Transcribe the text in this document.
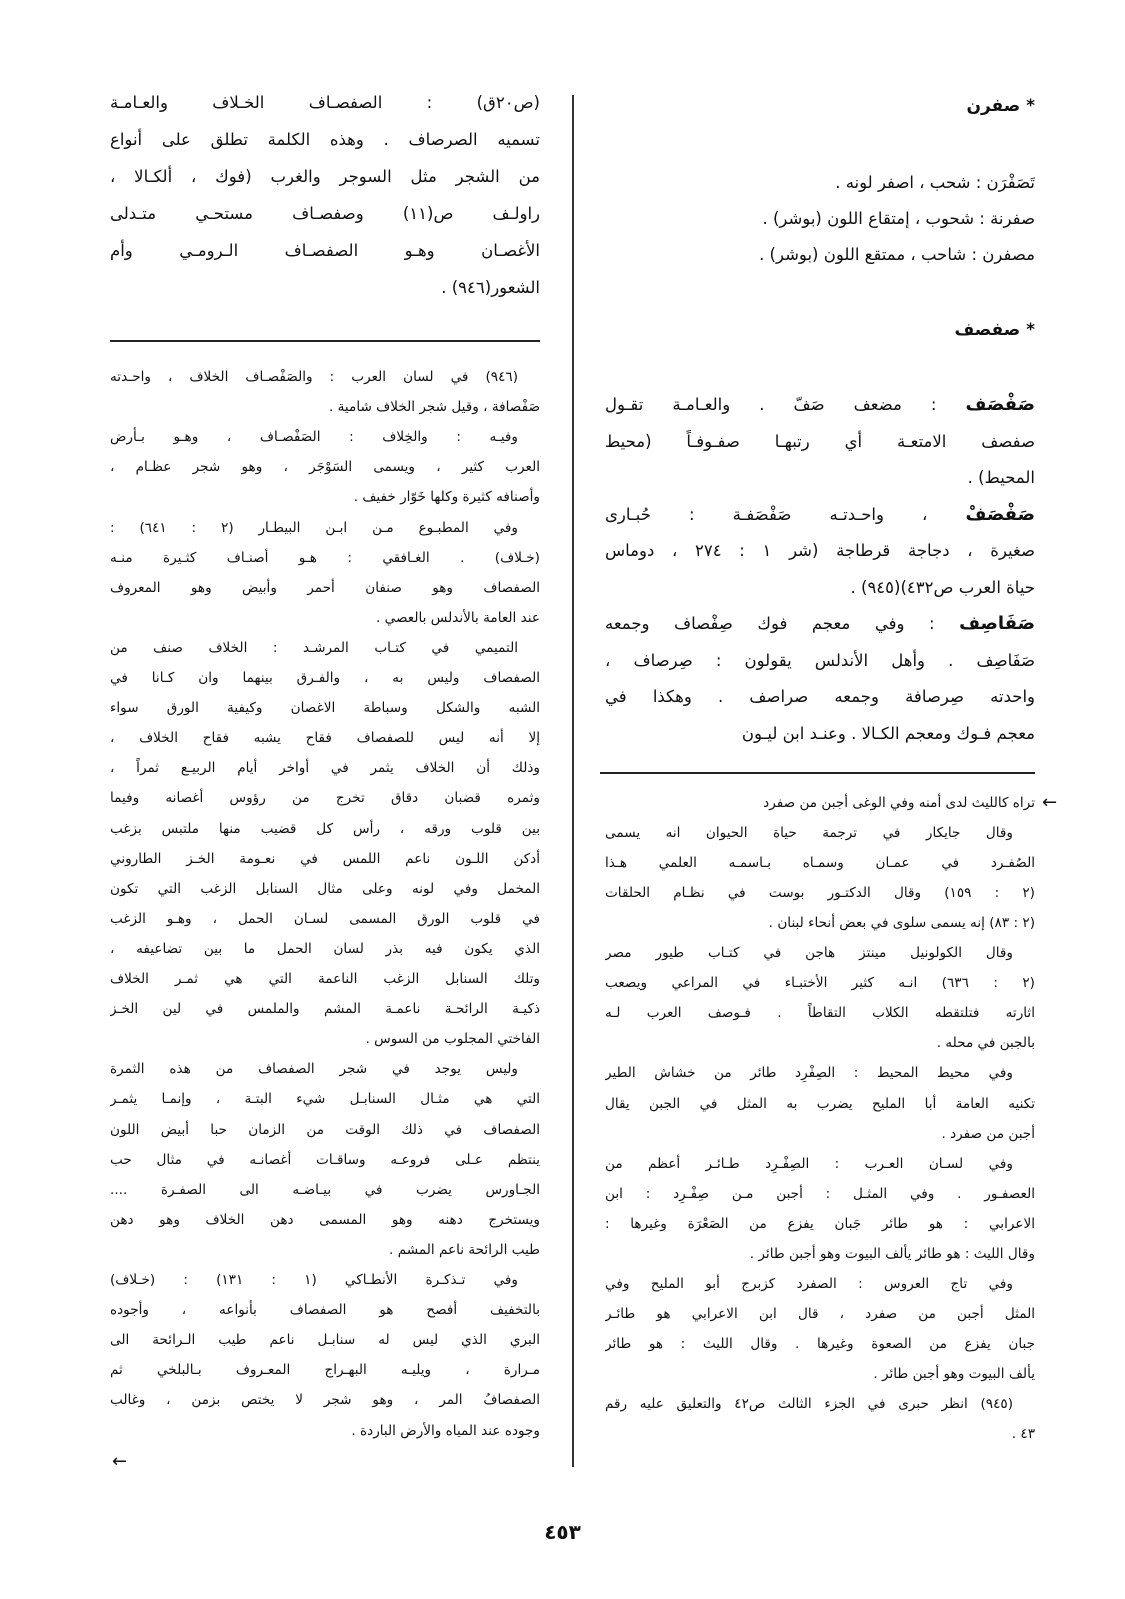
* صفرن
تَصَفْرَن : شحب ، اصفر لونه .
صفرنة : شحوب ، إمتقاع اللون (بوشر) .
مصفرن : شاحب ، ممتقع اللون (بوشر) .
* صفصف
صَفْصَف : مضعف صَفّ . والعـامـة تقـول
صفصف الامتعـة أي رتبهـا صفـوفـاً (محيط
المحيط) .
صَفْصَفْ ، واحـدتـه صَفْصَفـة : حُبـارى
صغيرة ، دجاجة قرطاجة (شر ١ : ٢٧٤ ، دوماس
حياة العرب ص٤٣٢)(٩٤٥) .
صَفَاصِف : وفي معجم فوك صِفْصاف وجمعه
صَفَاصِف . وأهل الأندلس يقولون : صِرصاف ،
واحدته صِرصافة وجمعه صراصف . وهكذا في
معجم فـوك ومعجم الكـالا . وعنـد ابن ليـون
تراه كالليث لدى أمنه وفي الوغى أجبن من صفرد
وقال جايكار في ترجمة حياة الحيوان انه يسمى
الصُفـرد في عمـان وسمـاه بـاسمـه العلمي هـذا
(٢ : ١٥٩) وقال الدكتـور بوست في نظـام الحلقات
(٢ : ٨٣) إنه يسمى سلوى في بعض أنحاء لبنان .
وقال الكولونيل مينتز هاجن في كتـاب طيور مصر
(٢ : ٦٣٦) انـه كثير الأختبـاء في المراعي ويصعب
اثارته فتلتقطه الكلاب التقاطاً . فـوصف العرب لـه
بالجبن في محله .
وفي محيط المحيط : الصِفْرِد طائر من خشاش الطير
تكنيه العامة أبا المليح يضرب به المثل في الجبن يقال
أجبن من صفرد .
وفي لسـان العـرب : الصِفْـرِد طـائـر أعظم من
العصفـور . وفي المثـل : أجبن مـن صِفْـرِد : ابن
الاعرابي : هو طائر جَبان يفزع من الصَعْرَة وغيرها :
وقال الليث : هو طائر يألف البيوت وهو أجبن طائر .
وفي تاج العروس : الصفرد كزبرج أبو المليح وفي
المثل أجبن من صفرد ، قال ابن الاعرابي هو طائـر
جبان يفزع من الصعوة وغيرها . وقال الليث : هو طائر
يألف البيوت وهو أجبن طائر .
(٩٤٥) انظر حبرى في الجزء الثالث ص٤٢ والتعليق عليه رقم
٤٣ .
←
(ص٢٠ق) : الصفصـاف الخـلاف والعـامـة
تسميه الصرصاف . وهذه الكلمة تطلق على أنواع
من الشجر مثل السوجر والغرب (فوك ، ألكـالا ،
راولـف ص(١١) وصفصـاف مستحـي متـدلى
الأغصـان وهـو الصفصـاف الـرومـي وأم
الشعور(٩٤٦) .
(٩٤٦) في لسان العرب : والصَفْصـاف الخلاف ، واحـدته
صَفْصافة ، وقيل شجر الخلاف شامية .
وفيـه : والخِلاف : الصَفْصـاف ، وهـو بـأرض
العرب كثير ، ويسمى السَوْجَر ، وهو شجر عظـام ،
وأصنافه كثيرة وكلها خَوّار خفيف .
وفي المطبـوع مـن ابـن البيطـار (٢ : ٦٤١) :
(خـلاف) . الغـافقي : هـو أصنـاف كثـيرة منـه
الصفصاف وهو صنفان أحمر وأبيض وهو المعروف
عند العامة بالأندلس بالعصي .
التميمي في كتـاب المرشـد : الخلاف صنف من
الصفصاف وليس به ، والفـرق بينهما وان كـانا في
الشبه والشكل وسباطة الاغصان وكيفية الورق سواء
إلا أنه ليس للصفصاف فقاح يشبه فقاح الخلاف ،
وذلك أن الخلاف يثمر في أواخر أيام الربيـع ثمراً ،
وثمره قضبان دقاق تخرج من رؤوس أغصانه وفيما
بين قلوب ورقه ، رأس كل قضيب منها ملتبس بزغب
أدكن اللـون ناعم اللمس في نعـومة الخـز الطاروني
المخمل وفي لونه وعلى مثال السنابل الزغب التي تكون
في قلوب الورق المسمى لسـان الحمل ، وهـو الزغب
الذي يكون فيه بذر لسان الحمل ما بين تضاعيفه ،
وتلك السنابل الزغب الناعمة التي هي ثمـر الخلاف
ذكيـة الرائحـة ناعمـة المشم والملمس في لين الخـز
الفاختي المجلوب من السوس .
وليس يوجد في شجر الصفصاف من هذه الثمرة
التي هي مثـال السنابـل شيء البتـة ، وإنمـا يثمـر
الصفصاف في ذلك الوقت من الزمان حبا أبيض اللون
ينتظم عـلى فروعـه وساقـات أغصانـه في مثال حب
الجـاورس يضرب في بيـاضـه الى الصفـرة ....
ويستخرج دهنه وهو المسمى دهن الخلاف وهو دهن
طيب الرائحة ناعم المشم .
وفي تـذكـرة الأنطـاكي (١ : ١٣١) : (خـلاف)
بالتخفيف أفصح هو الصفصاف بأنواعه ، وأجوده
البري الذي ليس له سنابـل ناعم طيب الـرائحة الى
مـرارة ، ويليـه البهـراج المعـروف بـالبلخي ثم
الصفصافُ المر ، وهو شجر لا يختص بزمن ، وغالب
وجوده عند المياه والأرض الباردة .
←
٤٥٣
